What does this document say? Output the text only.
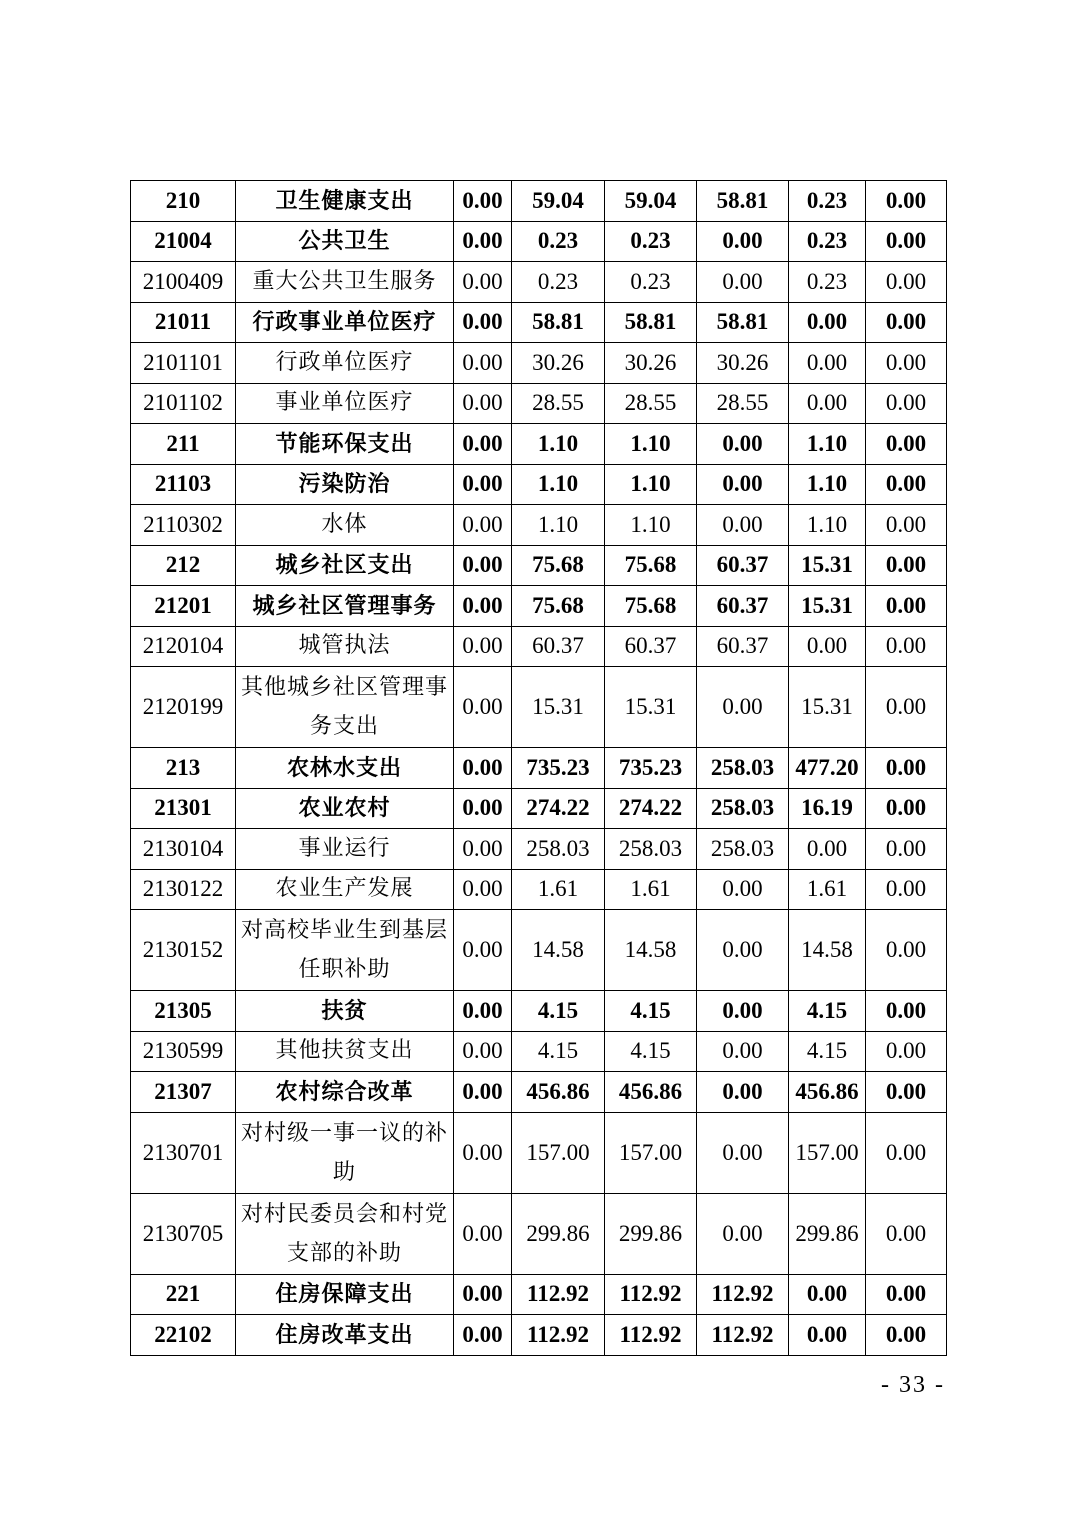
210	卫生健康支出	0.00	59.04	59.04	58.81	0.23	0.00
21004	公共卫生	0.00	0.23	0.23	0.00	0.23	0.00
2100409	重大公共卫生服务	0.00	0.23	0.23	0.00	0.23	0.00
21011	行政事业单位医疗	0.00	58.81	58.81	58.81	0.00	0.00
2101101	行政单位医疗	0.00	30.26	30.26	30.26	0.00	0.00
2101102	事业单位医疗	0.00	28.55	28.55	28.55	0.00	0.00
211	节能环保支出	0.00	1.10	1.10	0.00	1.10	0.00
21103	污染防治	0.00	1.10	1.10	0.00	1.10	0.00
2110302	水体	0.00	1.10	1.10	0.00	1.10	0.00
212	城乡社区支出	0.00	75.68	75.68	60.37	15.31	0.00
21201	城乡社区管理事务	0.00	75.68	75.68	60.37	15.31	0.00
2120104	城管执法	0.00	60.37	60.37	60.37	0.00	0.00
2120199	其他城乡社区管理事务支出	0.00	15.31	15.31	0.00	15.31	0.00
213	农林水支出	0.00	735.23	735.23	258.03	477.20	0.00
21301	农业农村	0.00	274.22	274.22	258.03	16.19	0.00
2130104	事业运行	0.00	258.03	258.03	258.03	0.00	0.00
2130122	农业生产发展	0.00	1.61	1.61	0.00	1.61	0.00
2130152	对高校毕业生到基层任职补助	0.00	14.58	14.58	0.00	14.58	0.00
21305	扶贫	0.00	4.15	4.15	0.00	4.15	0.00
2130599	其他扶贫支出	0.00	4.15	4.15	0.00	4.15	0.00
21307	农村综合改革	0.00	456.86	456.86	0.00	456.86	0.00
2130701	对村级一事一议的补助	0.00	157.00	157.00	0.00	157.00	0.00
2130705	对村民委员会和村党支部的补助	0.00	299.86	299.86	0.00	299.86	0.00
221	住房保障支出	0.00	112.92	112.92	112.92	0.00	0.00
22102	住房改革支出	0.00	112.92	112.92	112.92	0.00	0.00
- 33 -
